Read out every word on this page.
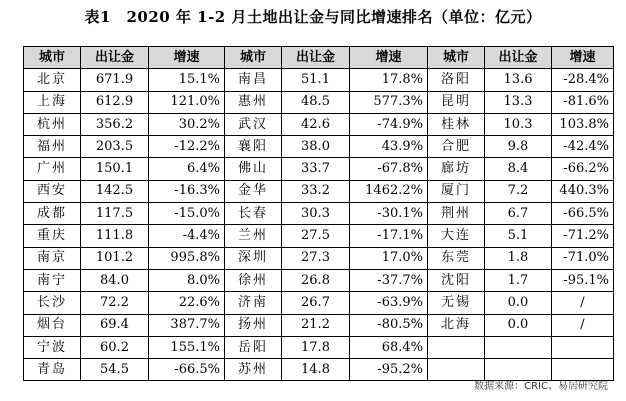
表1　2020 年 1-2 月土地出让金与同比增速排名（单位：亿元）
城市	出让金	增速	城市	出让金	增速	城市	出让金	增速
北京	671.9	15.1%	南昌	51.1	17.8%	洛阳	13.6	-28.4%
上海	612.9	121.0%	惠州	48.5	577.3%	昆明	13.3	-81.6%
杭州	356.2	30.2%	武汉	42.6	-74.9%	桂林	10.3	103.8%
福州	203.5	-12.2%	襄阳	38.0	43.9%	合肥	9.8	-42.4%
广州	150.1	6.4%	佛山	33.7	-67.8%	廊坊	8.4	-66.2%
西安	142.5	-16.3%	金华	33.2	1462.2%	厦门	7.2	440.3%
成都	117.5	-15.0%	长春	30.3	-30.1%	荆州	6.7	-66.5%
重庆	111.8	-4.4%	兰州	27.5	-17.1%	大连	5.1	-71.2%
南京	101.2	995.8%	深圳	27.3	17.0%	东莞	1.8	-71.0%
南宁	84.0	8.0%	徐州	26.8	-37.7%	沈阳	1.7	-95.1%
长沙	72.2	22.6%	济南	26.7	-63.9%	无锡	0.0	/
烟台	69.4	387.7%	扬州	21.2	-80.5%	北海	0.0	/
宁波	60.2	155.1%	岳阳	17.8	68.4%			
青岛	54.5	-66.5%	苏州	14.8	-95.2%			
数据来源：CRIC、易居研究院
